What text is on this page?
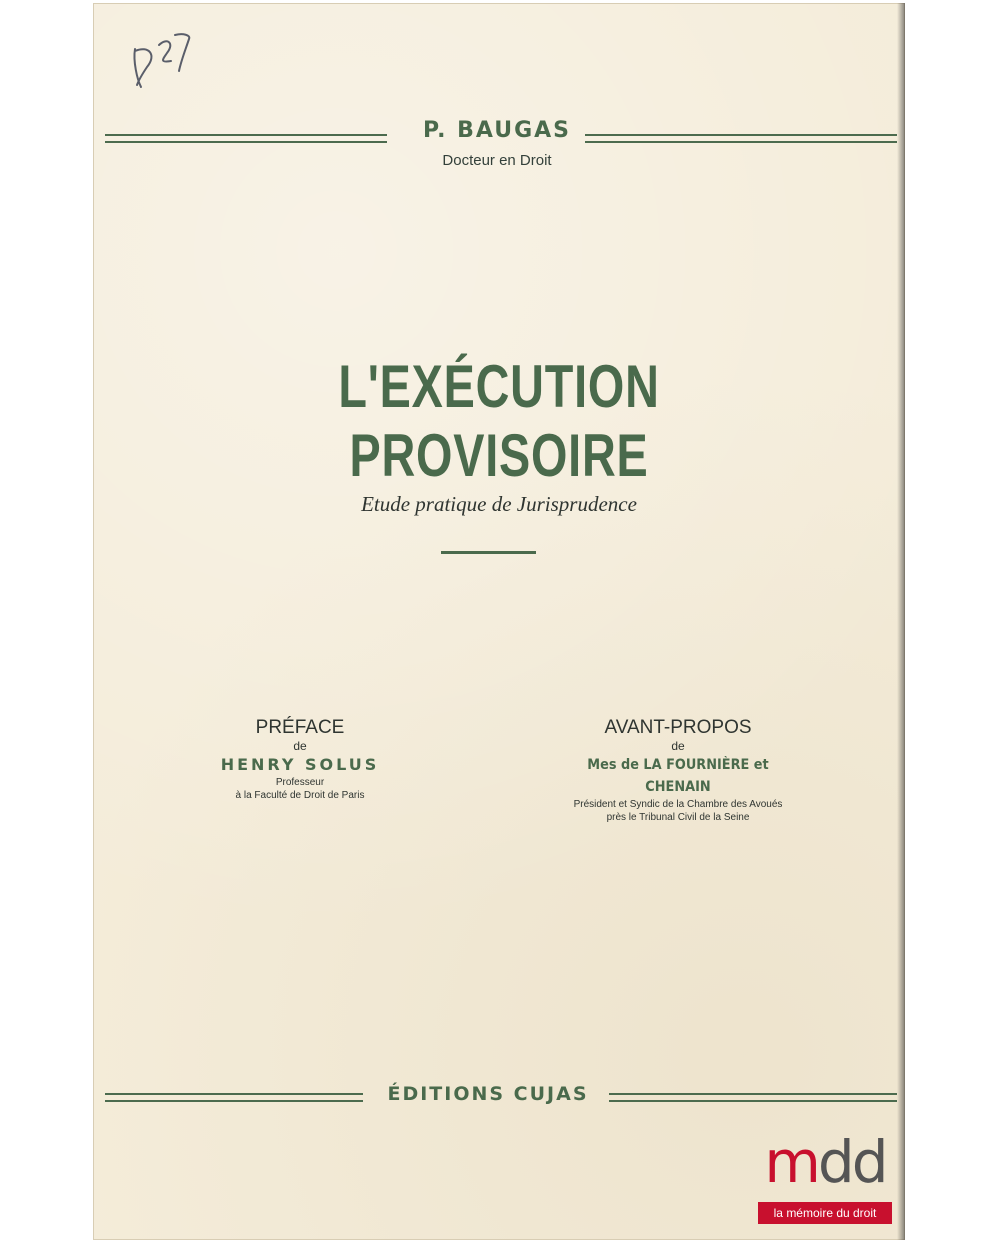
P. BAUGAS
Docteur en Droit
L'EXÉCUTION PROVISOIRE
Etude pratique de Jurisprudence
PRÉFACE
de
HENRY SOLUS
Professeur
à la Faculté de Droit de Paris
AVANT-PROPOS
de
Mes de LA FOURNIÈRE et CHENAIN
Président et Syndic de la Chambre des Avoués
près le Tribunal Civil de la Seine
ÉDITIONS CUJAS
mdd
la mémoire du droit
